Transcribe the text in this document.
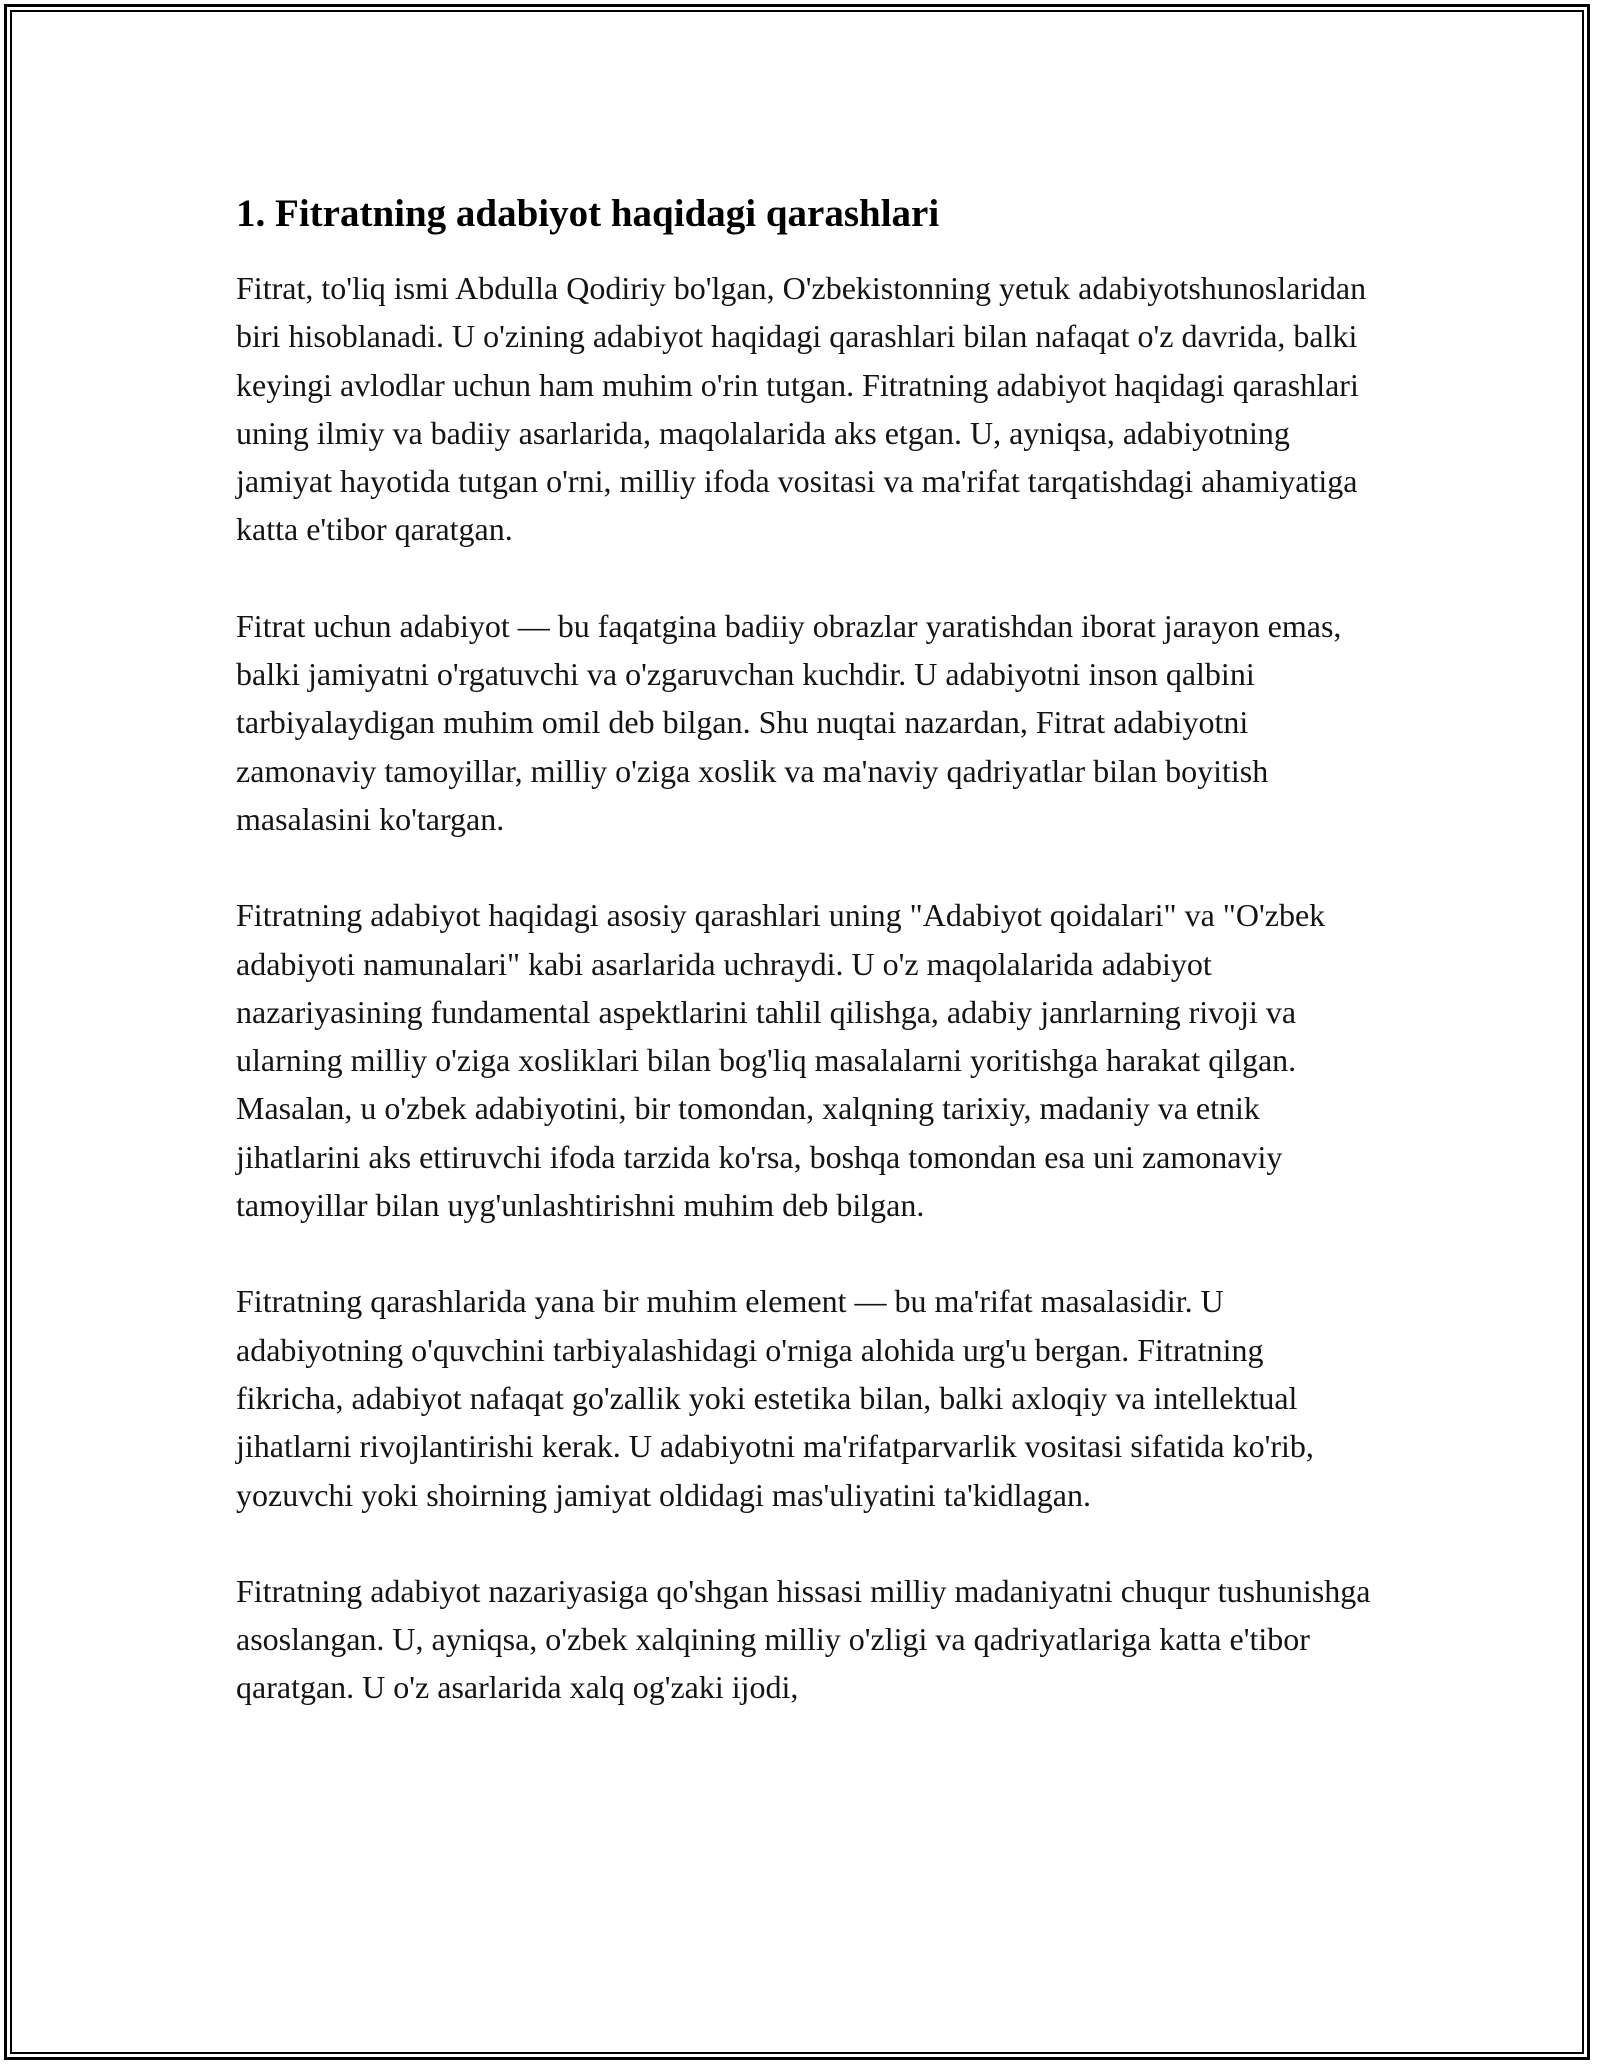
1. Fitratning adabiyot haqidagi qarashlari

Fitrat, to'liq ismi Abdulla Qodiriy bo'lgan, O'zbekistonning yetuk adabiyotshunoslaridan biri hisoblanadi. U o'zining adabiyot haqidagi qarashlari bilan nafaqat o'z davrida, balki keyingi avlodlar uchun ham muhim o'rin tutgan. Fitratning adabiyot haqidagi qarashlari uning ilmiy va badiiy asarlarida, maqolalarida aks etgan. U, ayniqsa, adabiyotning jamiyat hayotida tutgan o'rni, milliy ifoda vositasi va ma'rifat tarqatishdagi ahamiyatiga katta e'tibor qaratgan.

Fitrat uchun adabiyot — bu faqatgina badiiy obrazlar yaratishdan iborat jarayon emas, balki jamiyatni o'rgatuvchi va o'zgaruvchan kuchdir. U adabiyotni inson qalbini tarbiyalaydigan muhim omil deb bilgan. Shu nuqtai nazardan, Fitrat adabiyotni zamonaviy tamoyillar, milliy o'ziga xoslik va ma'naviy qadriyatlar bilan boyitish masalasini ko'targan.

Fitratning adabiyot haqidagi asosiy qarashlari uning "Adabiyot qoidalari" va "O'zbek adabiyoti namunalari" kabi asarlarida uchraydi. U o'z maqolalarida adabiyot nazariyasining fundamental aspektlarini tahlil qilishga, adabiy janrlarning rivoji va ularning milliy o'ziga xosliklari bilan bog'liq masalalarni yoritishga harakat qilgan. Masalan, u o'zbek adabiyotini, bir tomondan, xalqning tarixiy, madaniy va etnik jihatlarini aks ettiruvchi ifoda tarzida ko'rsa, boshqa tomondan esa uni zamonaviy tamoyillar bilan uyg'unlashtirishni muhim deb bilgan.

Fitratning qarashlarida yana bir muhim element — bu ma'rifat masalasidir. U adabiyotning o'quvchini tarbiyalashidagi o'rniga alohida urg'u bergan. Fitratning fikricha, adabiyot nafaqat go'zallik yoki estetika bilan, balki axloqiy va intellektual jihatlarni rivojlantirishi kerak. U adabiyotni ma'rifatparvarlik vositasi sifatida ko'rib, yozuvchi yoki shoirning jamiyat oldidagi mas'uliyatini ta'kidlagan.

Fitratning adabiyot nazariyasiga qo'shgan hissasi milliy madaniyatni chuqur tushunishga asoslangan. U, ayniqsa, o'zbek xalqining milliy o'zligi va qadriyatlariga katta e'tibor qaratgan. U o'z asarlarida xalq og'zaki ijodi,
